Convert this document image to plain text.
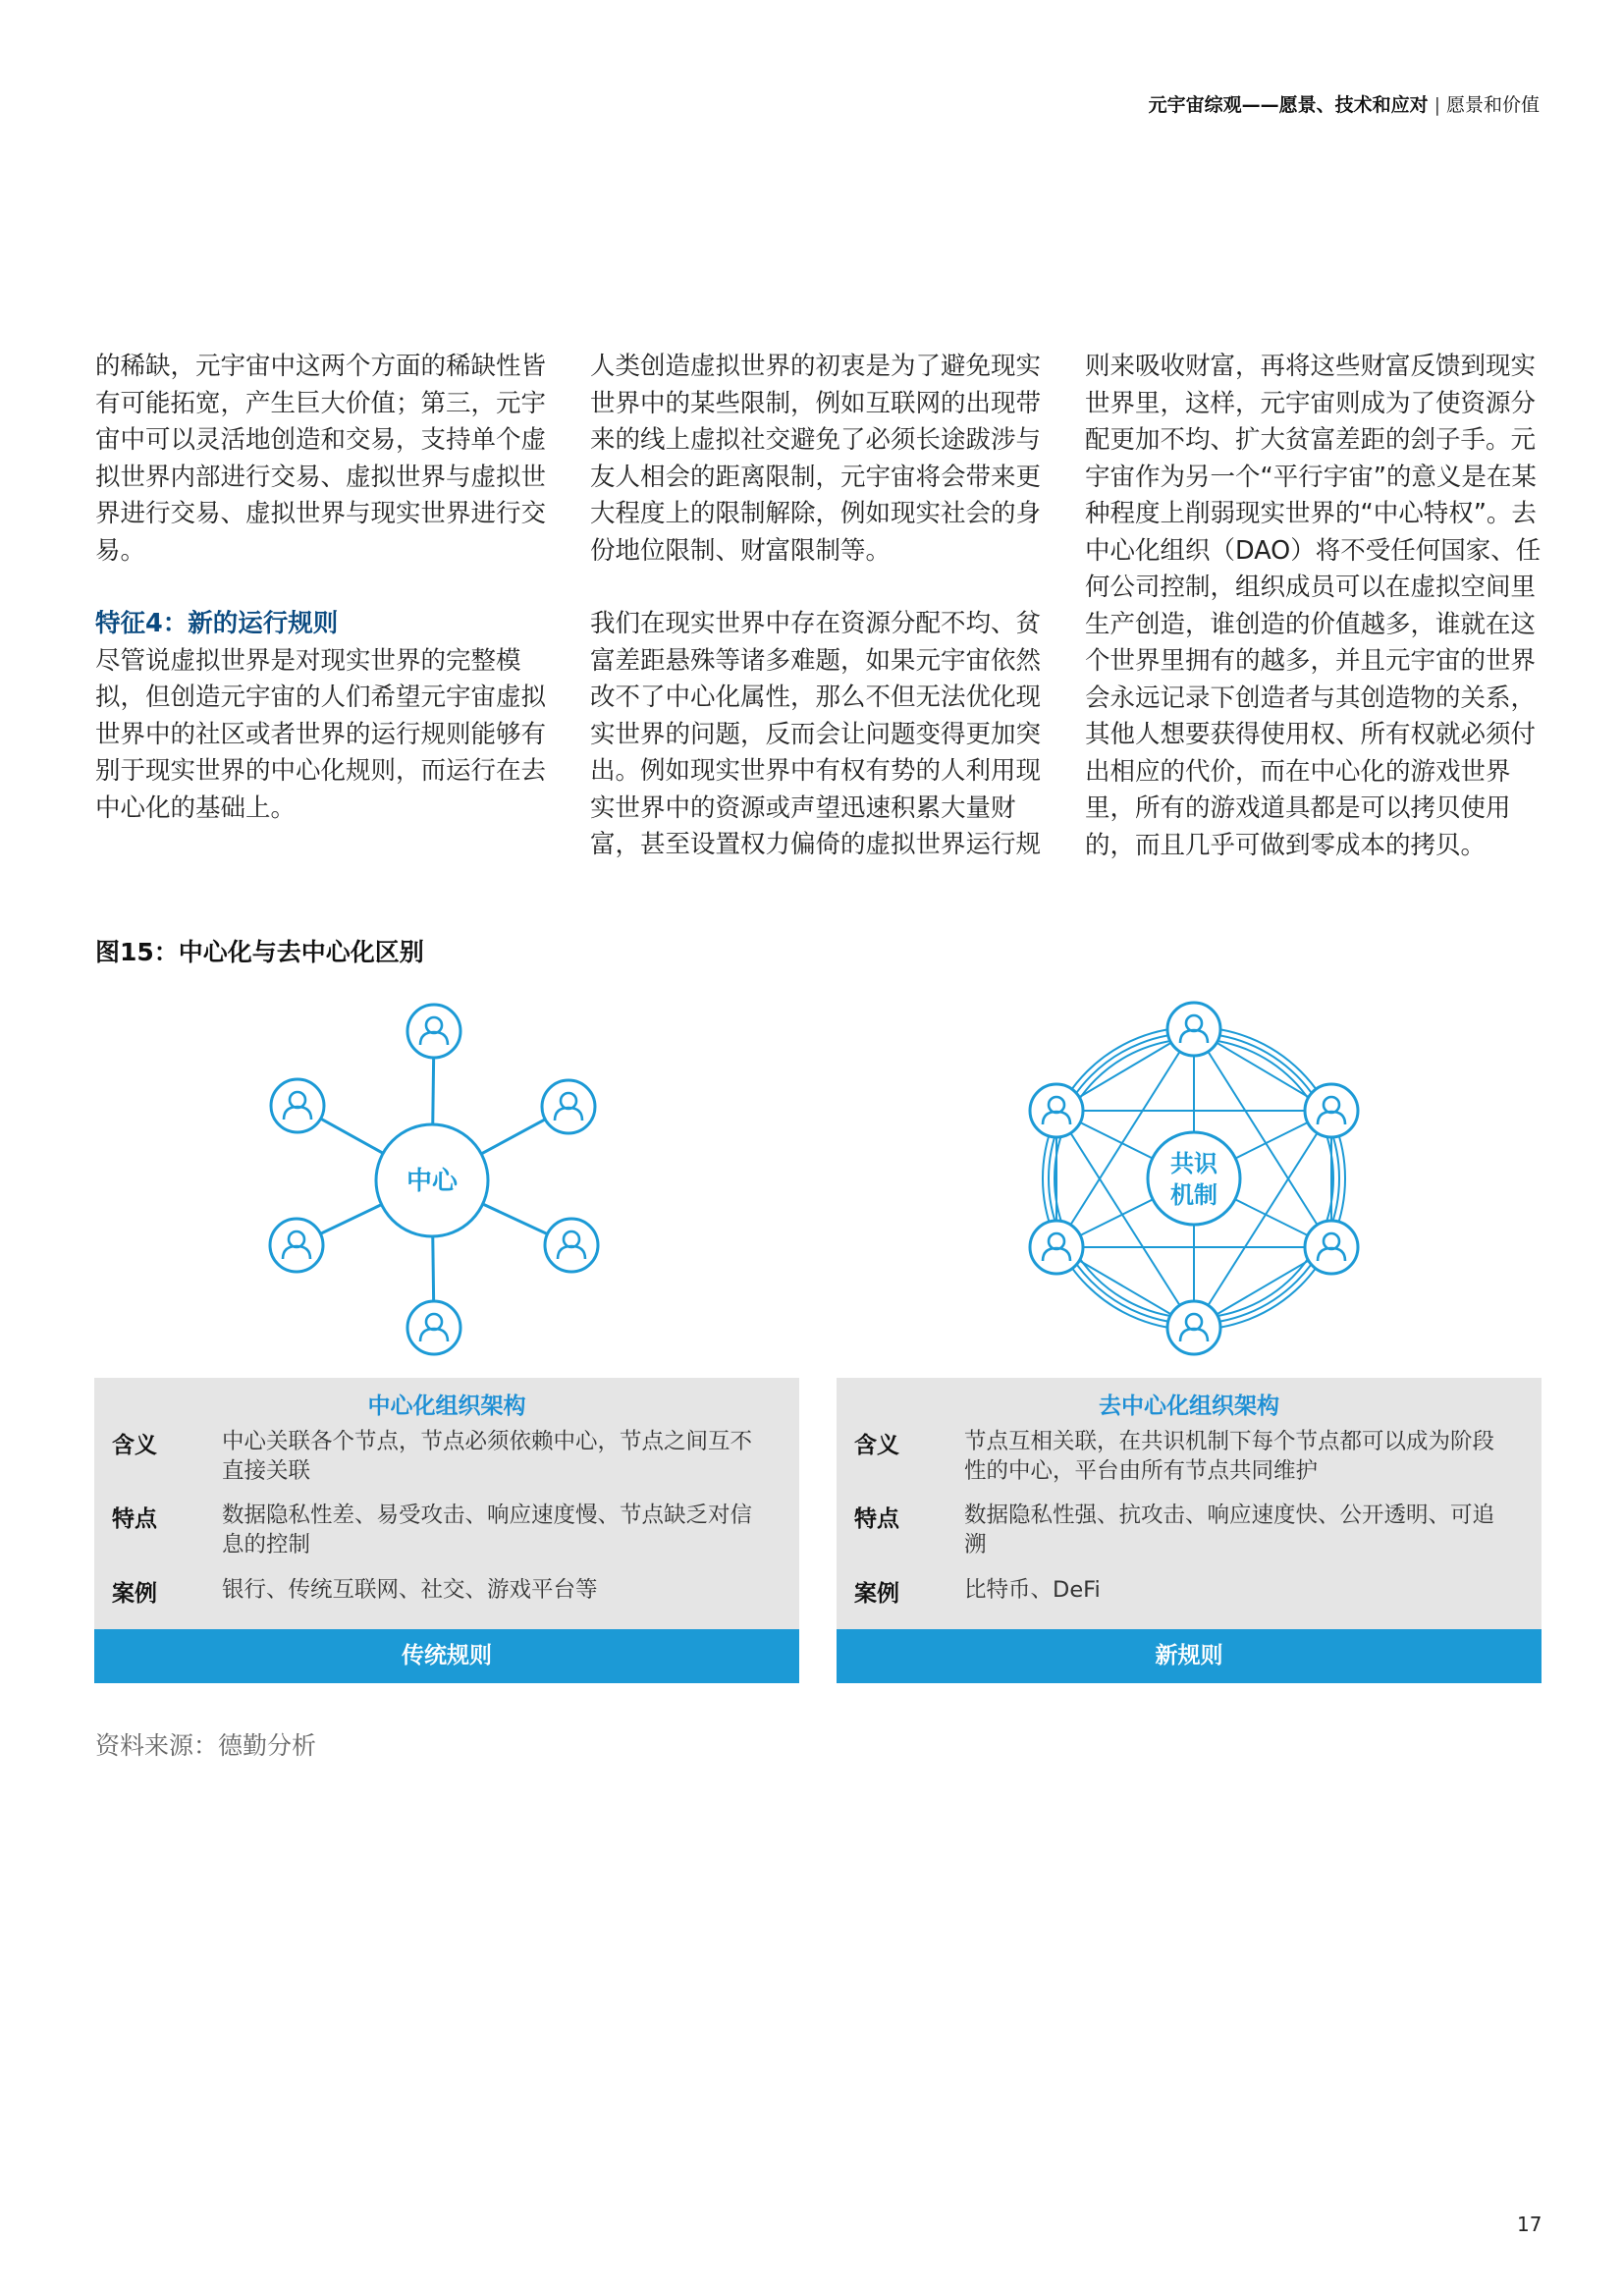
元宇宙综观——愿景、技术和应对 | 愿景和价值

的稀缺，元宇宙中这两个方面的稀缺性皆有可能拓宽，产生巨大价值；第三，元宇宙中可以灵活地创造和交易，支持单个虚拟世界内部进行交易、虚拟世界与虚拟世界进行交易、虚拟世界与现实世界进行交易。

特征4：新的运行规则

尽管说虚拟世界是对现实世界的完整模拟，但创造元宇宙的人们希望元宇宙虚拟世界中的社区或者世界的运行规则能够有别于现实世界的中心化规则，而运行在去中心化的基础上。

人类创造虚拟世界的初衷是为了避免现实世界中的某些限制，例如互联网的出现带来的线上虚拟社交避免了必须长途跋涉与友人相会的距离限制，元宇宙将会带来更大程度上的限制解除，例如现实社会的身份地位限制、财富限制等。

我们在现实世界中存在资源分配不均、贫富差距悬殊等诸多难题，如果元宇宙依然改不了中心化属性，那么不但无法优化现实世界的问题，反而会让问题变得更加突出。例如现实世界中有权有势的人利用现实世界中的资源或声望迅速积累大量财富，甚至设置权力偏倚的虚拟世界运行规

则来吸收财富，再将这些财富反馈到现实世界里，这样，元宇宙则成为了使资源分配更加不均、扩大贫富差距的刽子手。元宇宙作为另一个“平行宇宙”的意义是在某种程度上削弱现实世界的“中心特权”。去中心化组织（DAO）将不受任何国家、任何公司控制，组织成员可以在虚拟空间里生产创造，谁创造的价值越多，谁就在这个世界里拥有的越多，并且元宇宙的世界会永远记录下创造者与其创造物的关系，其他人想要获得使用权、所有权就必须付出相应的代价，而在中心化的游戏世界里，所有的游戏道具都是可以拷贝使用的，而且几乎可做到零成本的拷贝。

图15：中心化与去中心化区别
中心
共识
机制
中心化组织架构
含义	中心关联各个节点，节点必须依赖中心，节点之间互不直接关联
特点	数据隐私性差、易受攻击、响应速度慢、节点缺乏对信息的控制
案例	银行、传统互联网、社交、游戏平台等
传统规则
去中心化组织架构
含义	节点互相关联，在共识机制下每个节点都可以成为阶段性的中心，平台由所有节点共同维护
特点	数据隐私性强、抗攻击、响应速度快、公开透明、可追溯
案例	比特币、DeFi
新规则
资料来源：德勤分析
17
